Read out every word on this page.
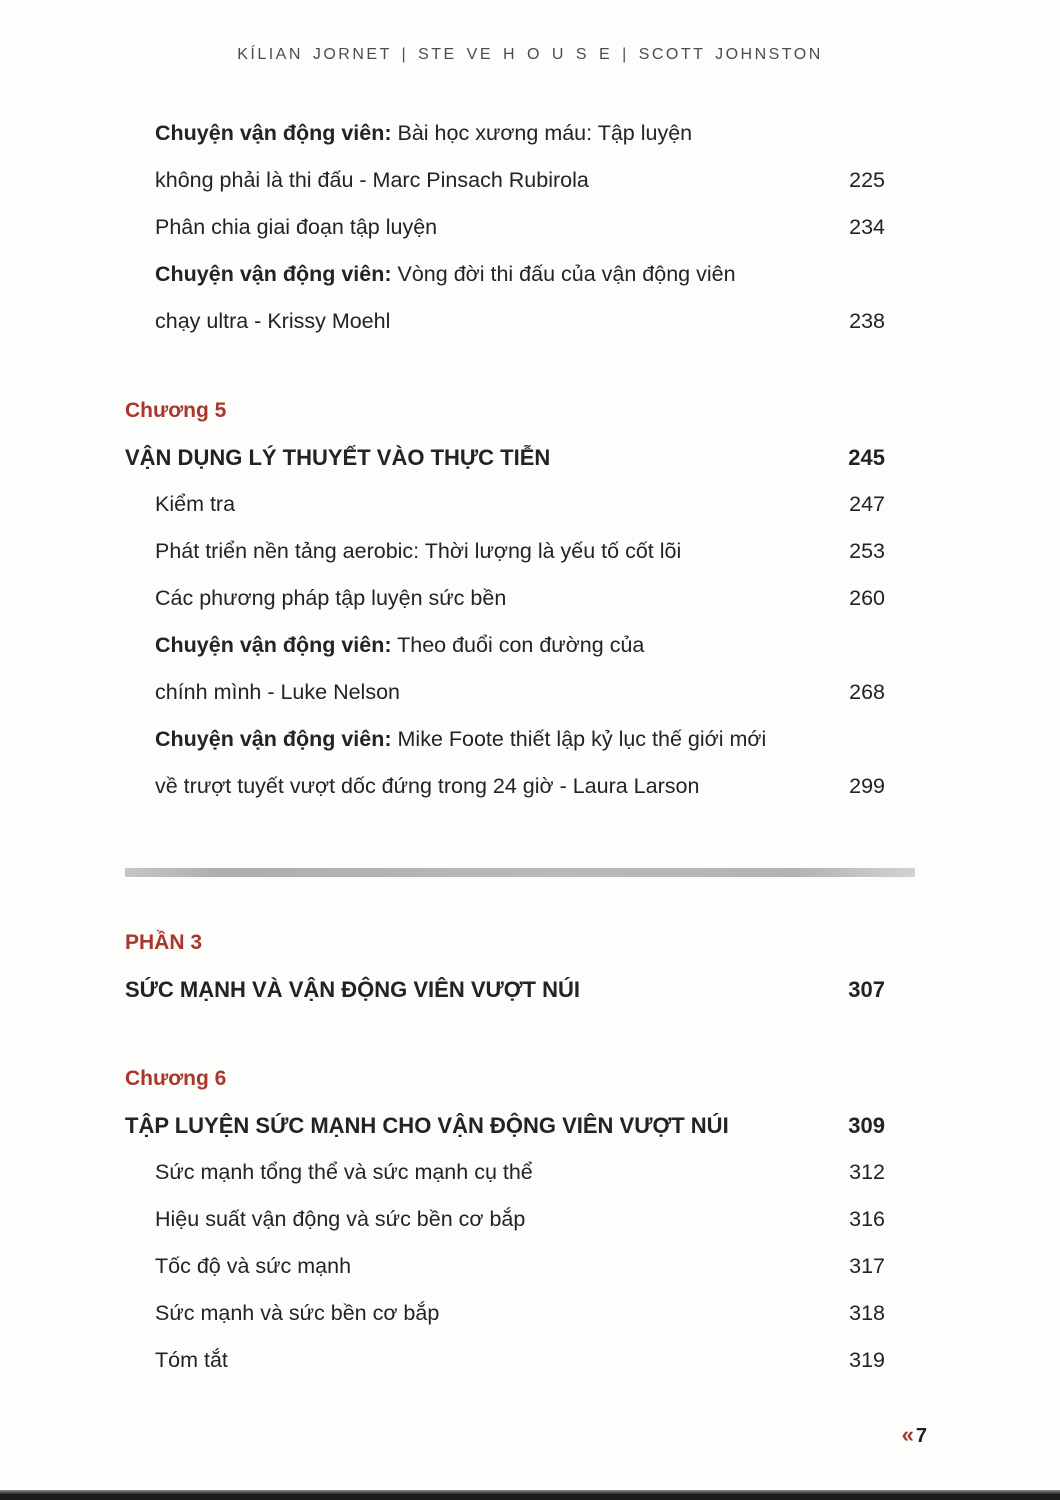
KÍLIAN JORNET | STE VE H O U S E | SCOTT JOHNSTON
Chuyện vận động viên: Bài học xương máu: Tập luyện
không phải là thi đấu - Marc Pinsach Rubirola	225
Phân chia giai đoạn tập luyện	234
Chuyện vận động viên: Vòng đời thi đấu của vận động viên
chạy ultra - Krissy Moehl	238
Chương 5
VẬN DỤNG LÝ THUYẾT VÀO THỰC TIỄN	245
Kiểm tra	247
Phát triển nền tảng aerobic: Thời lượng là yếu tố cốt lõi	253
Các phương pháp tập luyện sức bền	260
Chuyện vận động viên: Theo đuổi con đường của
chính mình - Luke Nelson	268
Chuyện vận động viên: Mike Foote thiết lập kỷ lục thế giới mới
về trượt tuyết vượt dốc đứng trong 24 giờ - Laura Larson	299
PHẦN 3
SỨC MẠNH VÀ VẬN ĐỘNG VIÊN VƯỢT NÚI	307
Chương 6
TẬP LUYỆN SỨC MẠNH CHO VẬN ĐỘNG VIÊN VƯỢT NÚI	309
Sức mạnh tổng thể và sức mạnh cụ thể	312
Hiệu suất vận động và sức bền cơ bắp	316
Tốc độ và sức mạnh	317
Sức mạnh và sức bền cơ bắp	318
Tóm tắt	319
« 7
